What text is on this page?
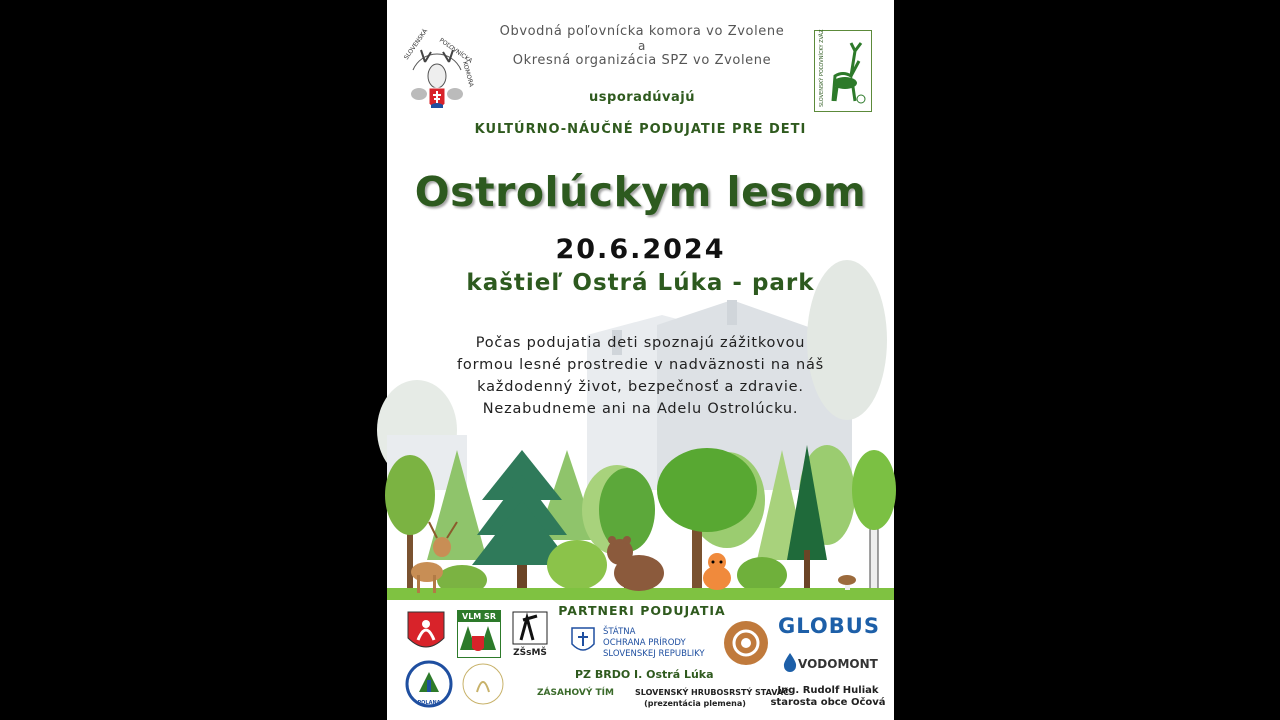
SLOVENSKÁ POĽOVNÍCKA
KOMORA	SLOVENSKÝ POĽOVNÍCKY ZVÄZ
Obvodná poľovnícka komora vo Zvolene
a
Okresná organizácia SPZ vo Zvolene
usporadúvajú
KULTÚRNO-NÁUČNÉ PODUJATIE PRE DETI
Ostrolúckym lesom
20.6.2024
kaštieľ Ostrá Lúka - park
Počas podujatia deti spoznajú zážitkovou
formou lesné prostredie v nadväznosti na náš
každodenný život, bezpečnosť a zdravie.
Nezabudneme ani na Adelu Ostrolúcku.
PARTNERI PODUJATIA
VLM SR
ZŠsMŠ
ŠTÁTNA
OCHRANA PRÍRODY
SLOVENSKEJ REPUBLIKY
GLOBUS
VODOMONT
POLANA
PZ BRDO I. Ostrá Lúka
ZÁSAHOVÝ TÍM	SLOVENSKÝ HRUBOSRSTÝ STAVAČ
(prezentácia plemena)
Ing. Rudolf Huliak
starosta obce Očová
